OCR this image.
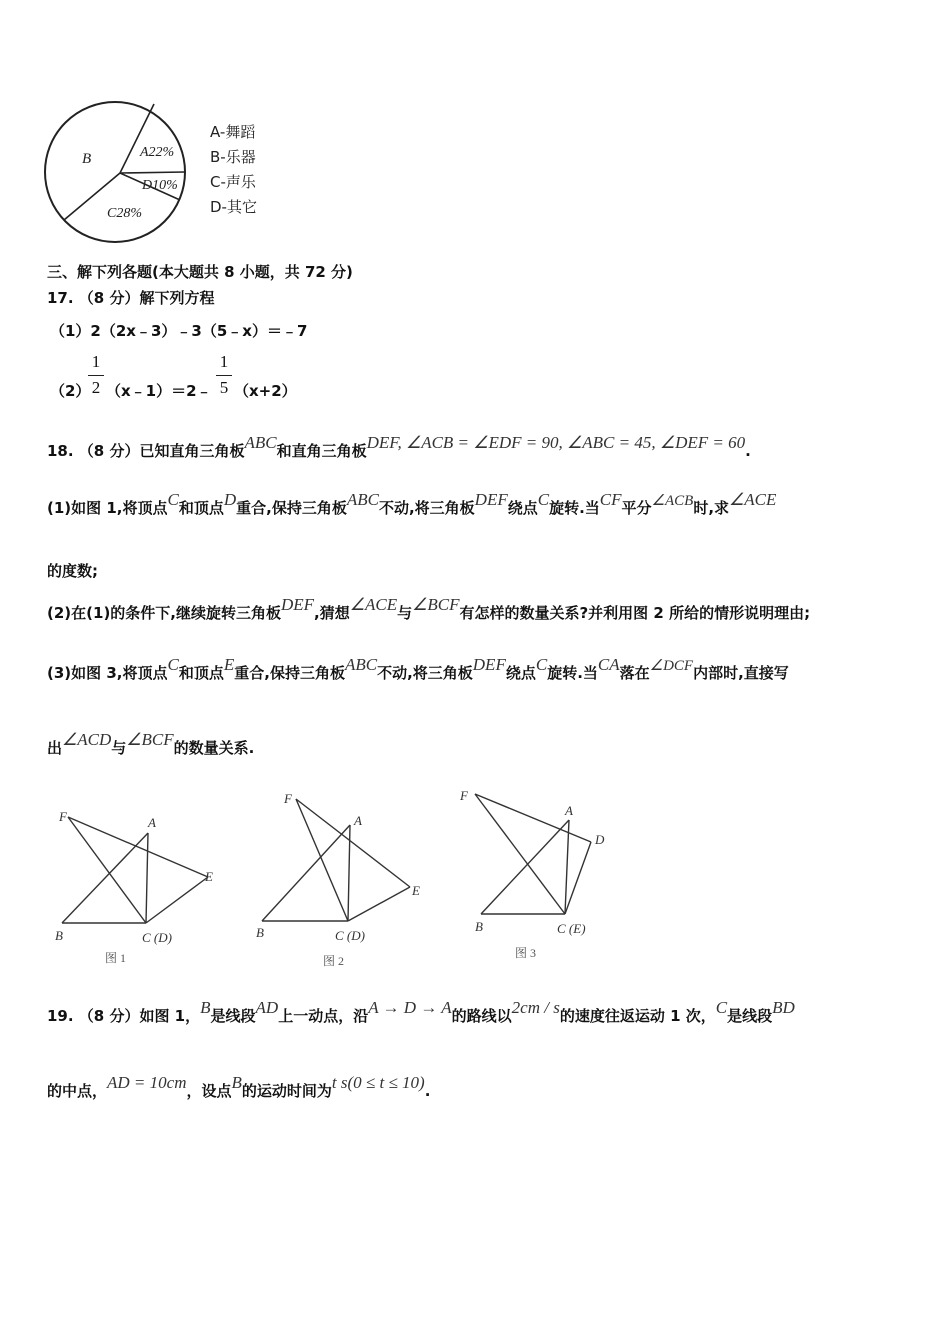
B	A22%
D10%
C28%
A-舞蹈
B-乐器
C-声乐
D-其它
三、解下列各题(本大题共 8 小题，共 72 分)
17. （8 分）解下列方程
（1）2（2x﹣3）﹣3（5﹣x）＝﹣7
（2）
1
2 （x﹣1）＝2﹣
1
5 （x+2）
18. （8 分）已知直角三角板ABC和直角三角板DEF, ∠ACB = ∠EDF = 90, ∠ABC = 45, ∠DEF = 60.
(1)如图 1,将顶点C和顶点D重合,保持三角板ABC不动,将三角板DEF绕点C旋转.当CF平分∠ACB时,求∠ACE
的度数;
(2)在(1)的条件下,继续旋转三角板DEF,猜想∠ACE与∠BCF有怎样的数量关系?并利用图 2 所给的情形说明理由;
(3)如图 3,将顶点C和顶点E重合,保持三角板ABC不动,将三角板DEF绕点C旋转.当CA落在∠DCF内部时,直接写
出∠ACD与∠BCF的数量关系.
F	A
E
B	C (D)
图 1
F
A
E
B	C (D)
图 2
F
A
D
B	C (E)
图 3
19. （8 分）如图 1，B是线段AD上一动点，沿A → D → A的路线以2cm / s的速度往返运动 1 次，C是线段BD
的中点，AD = 10cm，设点B的运动时间为t s(0 ≤ t ≤ 10).
